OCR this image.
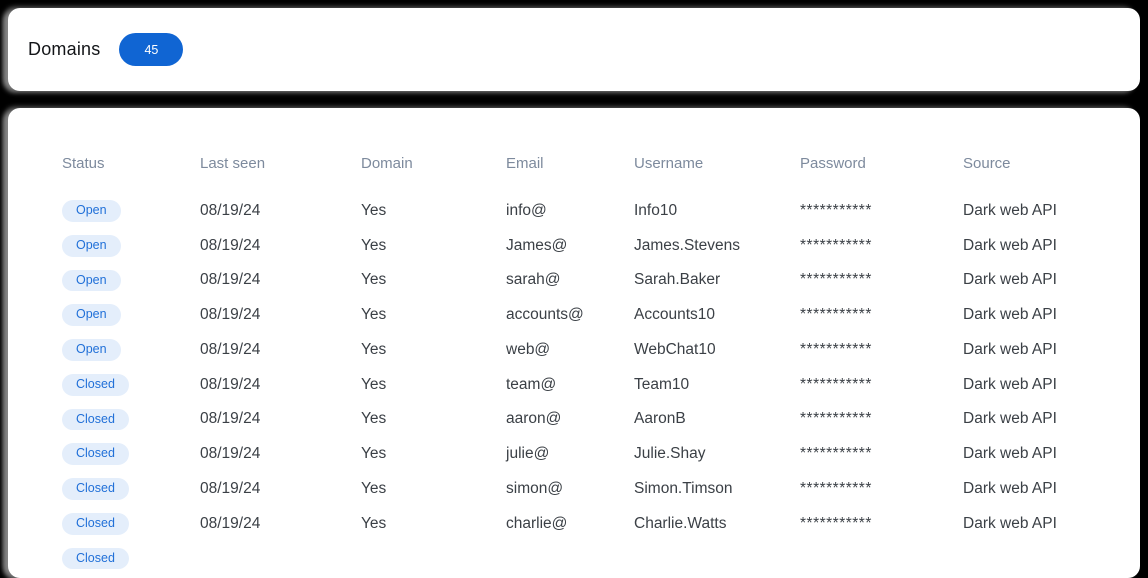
Domains	45
Status	Last seen	Domain	Email	Username	Password	Source
Open	08/19/24	Yes	info@	Info10	***********	Dark web API
Open	08/19/24	Yes	James@	James.Stevens	***********	Dark web API
Open	08/19/24	Yes	sarah@	Sarah.Baker	***********	Dark web API
Open	08/19/24	Yes	accounts@	Accounts10	***********	Dark web API
Open	08/19/24	Yes	web@	WebChat10	***********	Dark web API
Closed	08/19/24	Yes	team@	Team10	***********	Dark web API
Closed	08/19/24	Yes	aaron@	AaronB	***********	Dark web API
Closed	08/19/24	Yes	julie@	Julie.Shay	***********	Dark web API
Closed	08/19/24	Yes	simon@	Simon.Timson	***********	Dark web API
Closed	08/19/24	Yes	charlie@	Charlie.Watts	***********	Dark web API
Closed
